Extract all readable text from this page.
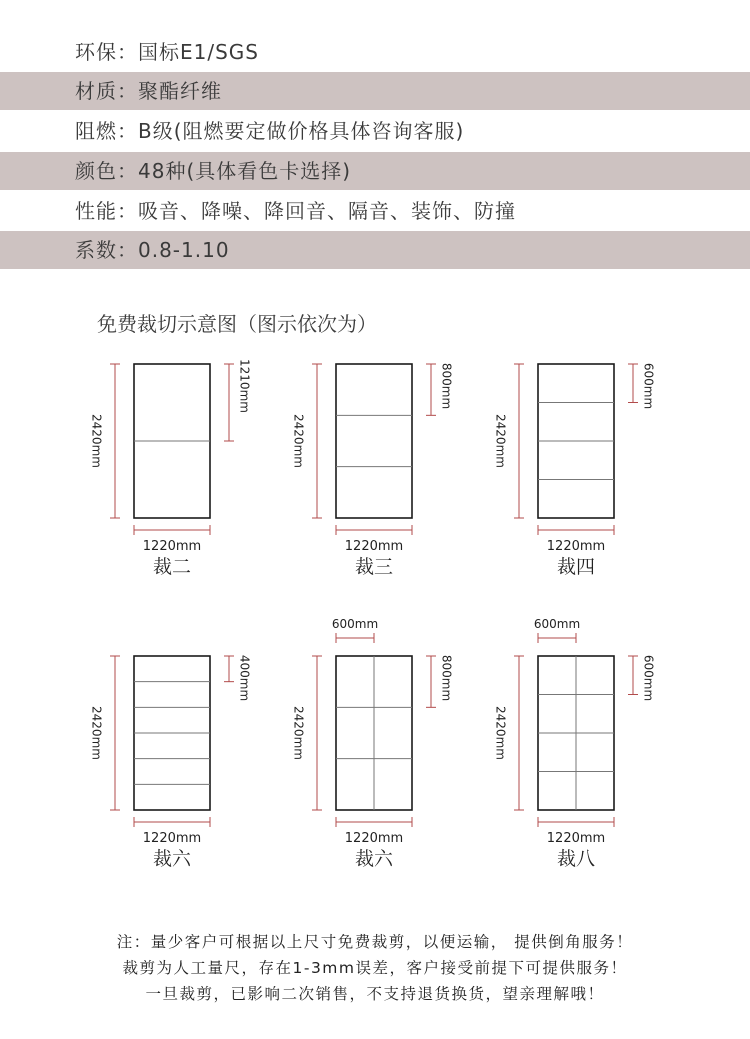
环保：国标E1/SGS
材质：聚酯纤维
阻燃：B级(阻燃要定做价格具体咨询客服)
颜色：48种(具体看色卡选择)
性能：吸音、降噪、降回音、隔音、装饰、防撞
系数：0.8-1.10
免费裁切示意图（图示依次为）
2420mm
1210mm
1220mm
裁二
2420mm
800mm
1220mm
裁三
2420mm
600mm
1220mm
裁四
2420mm
400mm
1220mm
裁六
2420mm
800mm
1220mm
裁六
600mm
2420mm
600mm
1220mm
裁八
600mm
注：量少客户可根据以上尺寸免费裁剪，以便运输， 提供倒角服务！
裁剪为人工量尺，存在1-3mm误差，客户接受前提下可提供服务！
一旦裁剪，已影响二次销售，不支持退货换货，望亲理解哦！
